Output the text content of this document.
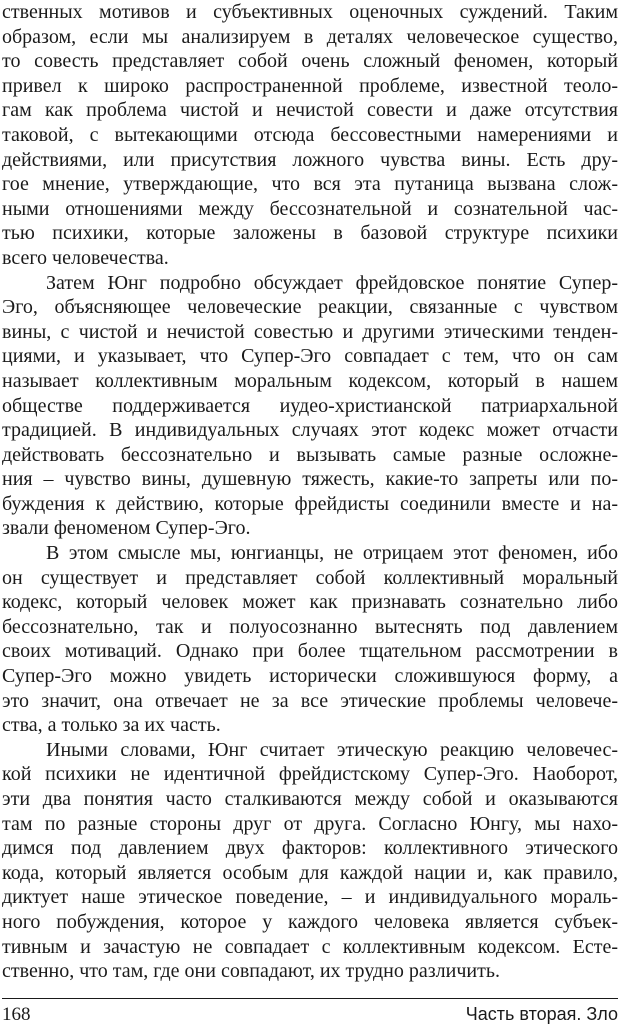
ственных мотивов и субъективных оценочных суждений. Таким
образом, если мы анализируем в деталях человеческое существо,
то совесть представляет собой очень сложный феномен, который
привел к широко распространенной проблеме, известной теоло-
гам как проблема чистой и нечистой совести и даже отсутствия
таковой, с вытекающими отсюда бессовестными намерениями и
действиями, или присутствия ложного чувства вины. Есть дру-
гое мнение, утверждающие, что вся эта путаница вызвана слож-
ными отношениями между бессознательной и сознательной час-
тью психики, которые заложены в базовой структуре психики
всего человечества.
Затем Юнг подробно обсуждает фрейдовское понятие Супер-
Эго, объясняющее человеческие реакции, связанные с чувством
вины, с чистой и нечистой совестью и другими этическими тенден-
циями, и указывает, что Супер-Эго совпадает с тем, что он сам
называет коллективным моральным кодексом, который в нашем
обществе поддерживается иудео-христианской патриархальной
традицией. В индивидуальных случаях этот кодекс может отчасти
действовать бессознательно и вызывать самые разные осложне-
ния – чувство вины, душевную тяжесть, какие-то запреты или по-
буждения к действию, которые фрейдисты соединили вместе и на-
звали феноменом Супер-Эго.
В этом смысле мы, юнгианцы, не отрицаем этот феномен, ибо
он существует и представляет собой коллективный моральный
кодекс, который человек может как признавать сознательно либо
бессознательно, так и полуосознанно вытеснять под давлением
своих мотиваций. Однако при более тщательном рассмотрении в
Супер-Эго можно увидеть исторически сложившуюся форму, а
это значит, она отвечает не за все этические проблемы человече-
ства, а только за их часть.
Иными словами, Юнг считает этическую реакцию человечес-
кой психики не идентичной фрейдистскому Супер-Эго. Наоборот,
эти два понятия часто сталкиваются между собой и оказываются
там по разные стороны друг от друга. Согласно Юнгу, мы нахо-
димся под давлением двух факторов: коллективного этического
кода, который является особым для каждой нации и, как правило,
диктует наше этическое поведение, – и индивидуального мораль-
ного побуждения, которое у каждого человека является субъек-
тивным и зачастую не совпадает с коллективным кодексом. Есте-
ственно, что там, где они совпадают, их трудно различить.
168	Часть вторая. Зло
